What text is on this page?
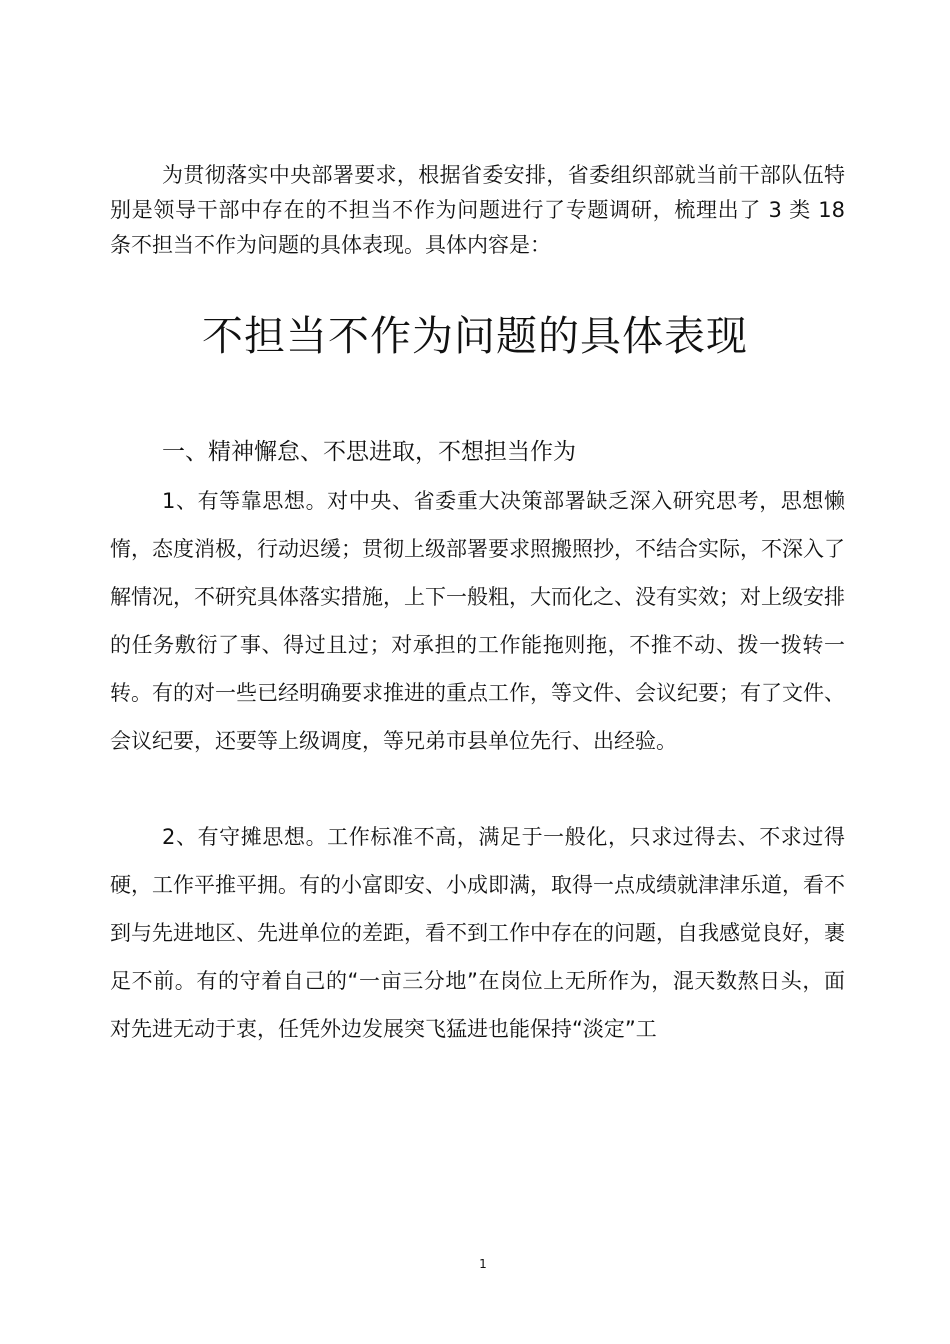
为贯彻落实中央部署要求，根据省委安排，省委组织部就当前干部队伍特别是领导干部中存在的不担当不作为问题进行了专题调研，梳理出了 3 类 18 条不担当不作为问题的具体表现。具体内容是：

不担当不作为问题的具体表现
一、精神懈怠、不思进取，不想担当作为

1、有等靠思想。对中央、省委重大决策部署缺乏深入研究思考，思想懒惰，态度消极，行动迟缓；贯彻上级部署要求照搬照抄，不结合实际，不深入了解情况，不研究具体落实措施，上下一般粗，大而化之、没有实效；对上级安排的任务敷衍了事、得过且过；对承担的工作能拖则拖，不推不动、拨一拨转一转。有的对一些已经明确要求推进的重点工作，等文件、会议纪要；有了文件、会议纪要，还要等上级调度，等兄弟市县单位先行、出经验。

2、有守摊思想。工作标准不高，满足于一般化，只求过得去、不求过得硬，工作平推平拥。有的小富即安、小成即满，取得一点成绩就津津乐道，看不到与先进地区、先进单位的差距，看不到工作中存在的问题，自我感觉良好，裹足不前。有的守着自己的“一亩三分地”在岗位上无所作为，混天数熬日头，面对先进无动于衷，任凭外边发展突飞猛进也能保持“淡定”工

1
